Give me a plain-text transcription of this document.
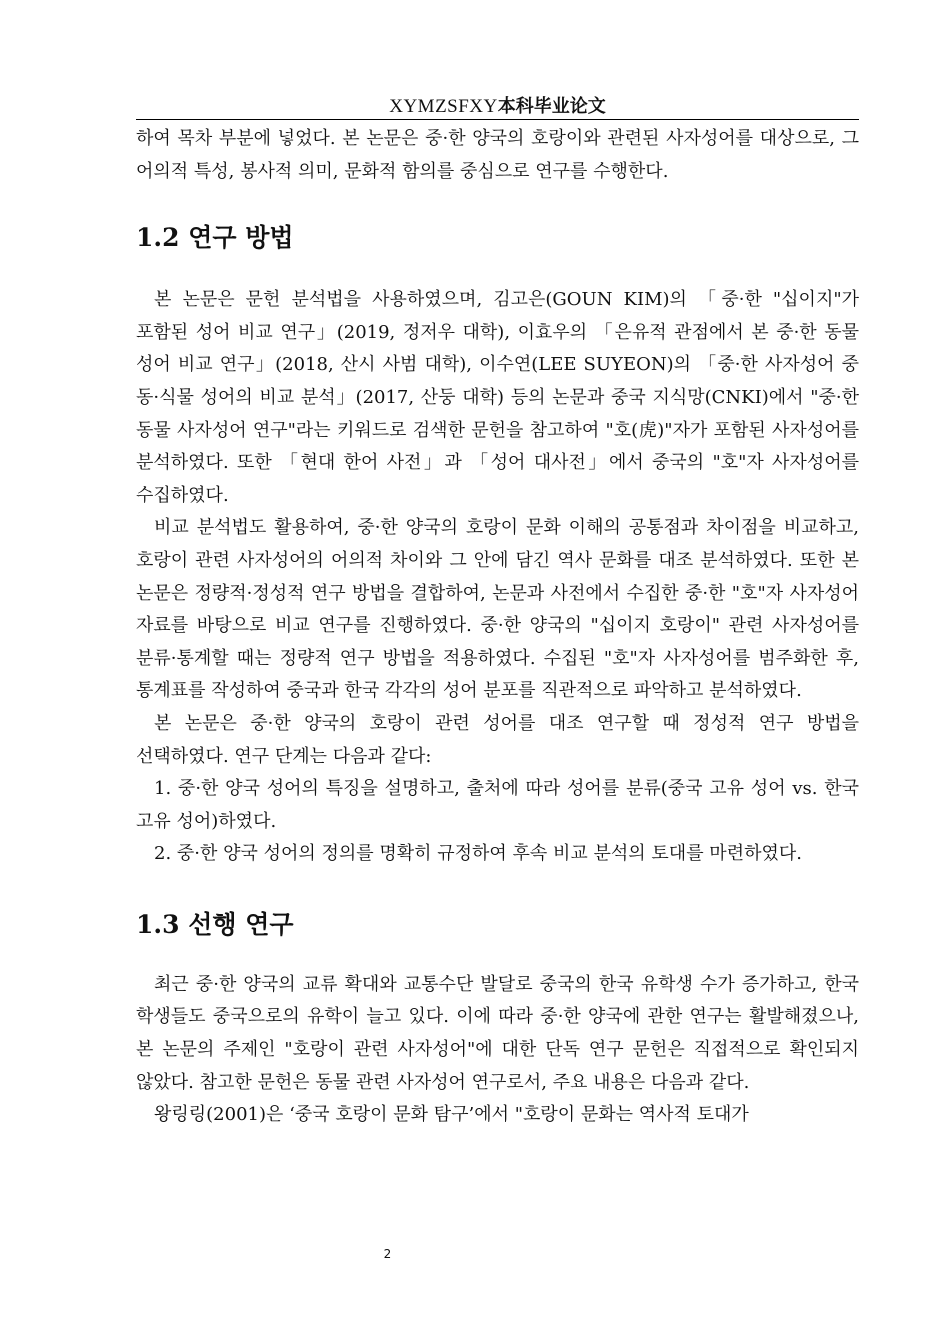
XYMZSFXY本科毕业论文

하여 목차 부분에 넣었다. 본 논문은 중·한 양국의 호랑이와 관련된 사자성어를 대상으로, 그 어의적 특성, 봉사적 의미, 문화적 함의를 중심으로 연구를 수행한다.

1.2 연구 방법

본 논문은 문헌 분석법을 사용하였으며, 김고은(GOUN KIM)의 「중·한 "십이지"가 포함된 성어 비교 연구」(2019, 정저우 대학), 이효우의 「은유적 관점에서 본 중·한 동물 성어 비교 연구」(2018, 산시 사범 대학), 이수연(LEE SUYEON)의 「중·한 사자성어 중 동·식물 성어의 비교 분석」(2017, 산둥 대학) 등의 논문과 중국 지식망(CNKI)에서 "중·한 동물 사자성어 연구"라는 키워드로 검색한 문헌을 참고하여 "호(虎)"자가 포함된 사자성어를 분석하였다. 또한 「현대 한어 사전」과 「성어 대사전」에서 중국의 "호"자 사자성어를 수집하였다.

비교 분석법도 활용하여, 중·한 양국의 호랑이 문화 이해의 공통점과 차이점을 비교하고, 호랑이 관련 사자성어의 어의적 차이와 그 안에 담긴 역사 문화를 대조 분석하였다. 또한 본 논문은 정량적·정성적 연구 방법을 결합하여, 논문과 사전에서 수집한 중·한 "호"자 사자성어 자료를 바탕으로 비교 연구를 진행하였다. 중·한 양국의 "십이지 호랑이" 관련 사자성어를 분류·통계할 때는 정량적 연구 방법을 적용하였다. 수집된 "호"자 사자성어를 범주화한 후, 통계표를 작성하여 중국과 한국 각각의 성어 분포를 직관적으로 파악하고 분석하였다.

본 논문은 중·한 양국의 호랑이 관련 성어를 대조 연구할 때 정성적 연구 방법을 선택하였다. 연구 단계는 다음과 같다:

1. 중·한 양국 성어의 특징을 설명하고, 출처에 따라 성어를 분류(중국 고유 성어 vs. 한국 고유 성어)하였다.

2. 중·한 양국 성어의 정의를 명확히 규정하여 후속 비교 분석의 토대를 마련하였다.

1.3 선행 연구

최근 중·한 양국의 교류 확대와 교통수단 발달로 중국의 한국 유학생 수가 증가하고, 한국 학생들도 중국으로의 유학이 늘고 있다. 이에 따라 중·한 양국에 관한 연구는 활발해졌으나, 본 논문의 주제인 "호랑이 관련 사자성어"에 대한 단독 연구 문헌은 직접적으로 확인되지 않았다. 참고한 문헌은 동물 관련 사자성어 연구로서, 주요 내용은 다음과 같다.

왕링링(2001)은 ‘중국 호랑이 문화 탐구’에서 "호랑이 문화는 역사적 토대가

2
